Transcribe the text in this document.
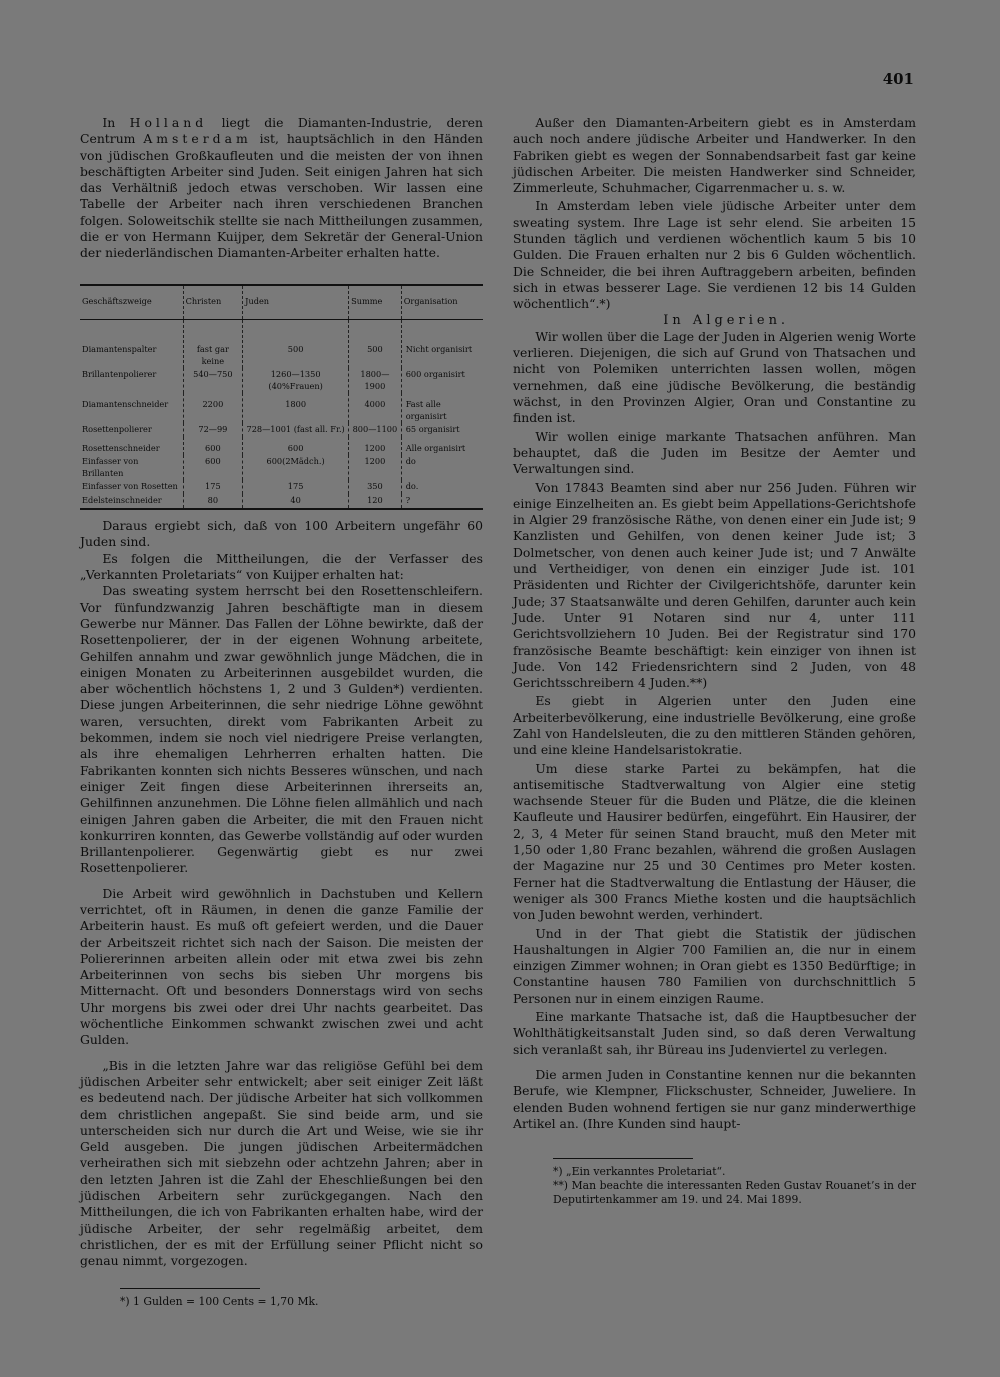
401

In Holland liegt die Diamanten-Industrie, deren Centrum Amsterdam ist, hauptsächlich in den Händen von jüdischen Großkaufleuten und die meisten der von ihnen beschäftigten Arbeiter sind Juden. Seit einigen Jahren hat sich das Verhältniß jedoch etwas verschoben. Wir lassen eine Tabelle der Arbeiter nach ihren verschiedenen Branchen folgen. Soloweitschik stellte sie nach Mittheilungen zusammen, die er von Hermann Kuijper, dem Sekretär der General-Union der niederländischen Diamanten-Arbeiter erhalten hatte.

Geschäftszweige	Christen	Juden	Summe	Organisation
Diamantenspalter	fast gar keine	500	500	Nicht organisirt
Brillantenpolierer	540—750	1260—1350 (40%Frauen)	1800—1900	600 organisirt
Diamantenschneider	2200	1800	4000	Fast alle organisirt
Rosettenpolierer	72—99	728—1001 (fast all. Fr.)	800—1100	65 organisirt
Rosettenschneider	600	600	1200	Alle organisirt
Einfasser von Brillanten	600	600(2Mädch.)	1200	do
Einfasser von Rosetten	175	175	350	do.
Edelsteinschneider	80	40	120	?

Daraus ergiebt sich, daß von 100 Arbeitern ungefähr 60 Juden sind.

Es folgen die Mittheilungen, die der Verfasser des „Verkannten Proletariats“ von Kuijper erhalten hat:

Das sweating system herrscht bei den Rosettenschleifern. Vor fünfundzwanzig Jahren beschäftigte man in diesem Gewerbe nur Männer. Das Fallen der Löhne bewirkte, daß der Rosettenpolierer, der in der eigenen Wohnung arbeitete, Gehilfen annahm und zwar gewöhnlich junge Mädchen, die in einigen Monaten zu Arbeiterinnen ausgebildet wurden, die aber wöchentlich höchstens 1, 2 und 3 Gulden*) verdienten. Diese jungen Arbeiterinnen, die sehr niedrige Löhne gewöhnt waren, versuchten, direkt vom Fabrikanten Arbeit zu bekommen, indem sie noch viel niedrigere Preise verlangten, als ihre ehemaligen Lehrherren erhalten hatten. Die Fabrikanten konnten sich nichts Besseres wünschen, und nach einiger Zeit fingen diese Arbeiterinnen ihrerseits an, Gehilfinnen anzunehmen. Die Löhne fielen allmählich und nach einigen Jahren gaben die Arbeiter, die mit den Frauen nicht konkurriren konnten, das Gewerbe vollständig auf oder wurden Brillantenpolierer. Gegenwärtig giebt es nur zwei Rosettenpolierer.

Die Arbeit wird gewöhnlich in Dachstuben und Kellern verrichtet, oft in Räumen, in denen die ganze Familie der Arbeiterin haust. Es muß oft gefeiert werden, und die Dauer der Arbeitszeit richtet sich nach der Saison. Die meisten der Poliererinnen arbeiten allein oder mit etwa zwei bis zehn Arbeiterinnen von sechs bis sieben Uhr morgens bis Mitternacht. Oft und besonders Donnerstags wird von sechs Uhr morgens bis zwei oder drei Uhr nachts gearbeitet. Das wöchentliche Einkommen schwankt zwischen zwei und acht Gulden.

„Bis in die letzten Jahre war das religiöse Gefühl bei dem jüdischen Arbeiter sehr entwickelt; aber seit einiger Zeit läßt es bedeutend nach. Der jüdische Arbeiter hat sich vollkommen dem christlichen angepaßt. Sie sind beide arm, und sie unterscheiden sich nur durch die Art und Weise, wie sie ihr Geld ausgeben. Die jungen jüdischen Arbeitermädchen verheirathen sich mit siebzehn oder achtzehn Jahren; aber in den letzten Jahren ist die Zahl der Eheschließungen bei den jüdischen Arbeitern sehr zurückgegangen. Nach den Mittheilungen, die ich von Fabrikanten erhalten habe, wird der jüdische Arbeiter, der sehr regelmäßig arbeitet, dem christlichen, der es mit der Erfüllung seiner Pflicht nicht so genau nimmt, vorgezogen.

*) 1 Gulden = 100 Cents = 1,70 Mk.

Außer den Diamanten-Arbeitern giebt es in Amsterdam auch noch andere jüdische Arbeiter und Handwerker. In den Fabriken giebt es wegen der Sonnabendsarbeit fast gar keine jüdischen Arbeiter. Die meisten Handwerker sind Schneider, Zimmerleute, Schuhmacher, Cigarrenmacher u. s. w.

In Amsterdam leben viele jüdische Arbeiter unter dem sweating system. Ihre Lage ist sehr elend. Sie arbeiten 15 Stunden täglich und verdienen wöchentlich kaum 5 bis 10 Gulden. Die Frauen erhalten nur 2 bis 6 Gulden wöchentlich. Die Schneider, die bei ihren Auftraggebern arbeiten, befinden sich in etwas besserer Lage. Sie verdienen 12 bis 14 Gulden wöchentlich“.*)

In Algerien.

Wir wollen über die Lage der Juden in Algerien wenig Worte verlieren. Diejenigen, die sich auf Grund von Thatsachen und nicht von Polemiken unterrichten lassen wollen, mögen vernehmen, daß eine jüdische Bevölkerung, die beständig wächst, in den Provinzen Algier, Oran und Constantine zu finden ist.

Wir wollen einige markante Thatsachen anführen. Man behauptet, daß die Juden im Besitze der Aemter und Verwaltungen sind.

Von 17843 Beamten sind aber nur 256 Juden. Führen wir einige Einzelheiten an. Es giebt beim Appellations-Gerichtshofe in Algier 29 französische Räthe, von denen einer ein Jude ist; 9 Kanzlisten und Gehilfen, von denen keiner Jude ist; 3 Dolmetscher, von denen auch keiner Jude ist; und 7 Anwälte und Vertheidiger, von denen ein einziger Jude ist. 101 Präsidenten und Richter der Civilgerichtshöfe, darunter kein Jude; 37 Staatsanwälte und deren Gehilfen, darunter auch kein Jude. Unter 91 Notaren sind nur 4, unter 111 Gerichtsvollziehern 10 Juden. Bei der Registratur sind 170 französische Beamte beschäftigt: kein einziger von ihnen ist Jude. Von 142 Friedensrichtern sind 2 Juden, von 48 Gerichtsschreibern 4 Juden.**)

Es giebt in Algerien unter den Juden eine Arbeiterbevölkerung, eine industrielle Bevölkerung, eine große Zahl von Handelsleuten, die zu den mittleren Ständen gehören, und eine kleine Handelsaristokratie.

Um diese starke Partei zu bekämpfen, hat die antisemitische Stadtverwaltung von Algier eine stetig wachsende Steuer für die Buden und Plätze, die die kleinen Kaufleute und Hausirer bedürfen, eingeführt. Ein Hausirer, der 2, 3, 4 Meter für seinen Stand braucht, muß den Meter mit 1,50 oder 1,80 Franc bezahlen, während die großen Auslagen der Magazine nur 25 und 30 Centimes pro Meter kosten. Ferner hat die Stadtverwaltung die Entlastung der Häuser, die weniger als 300 Francs Miethe kosten und die hauptsächlich von Juden bewohnt werden, verhindert.

Und in der That giebt die Statistik der jüdischen Haushaltungen in Algier 700 Familien an, die nur in einem einzigen Zimmer wohnen; in Oran giebt es 1350 Bedürftige; in Constantine hausen 780 Familien von durchschnittlich 5 Personen nur in einem einzigen Raume.

Eine markante Thatsache ist, daß die Hauptbesucher der Wohlthätigkeitsanstalt Juden sind, so daß deren Verwaltung sich veranlaßt sah, ihr Büreau ins Judenviertel zu verlegen.

Die armen Juden in Constantine kennen nur die bekannten Berufe, wie Klempner, Flickschuster, Schneider, Juweliere. In elenden Buden wohnend fertigen sie nur ganz minderwerthige Artikel an. (Ihre Kunden sind haupt-

*) „Ein verkanntes Proletariat“.

**) Man beachte die interessanten Reden Gustav Rouanet’s in der Deputirtenkammer am 19. und 24. Mai 1899.
